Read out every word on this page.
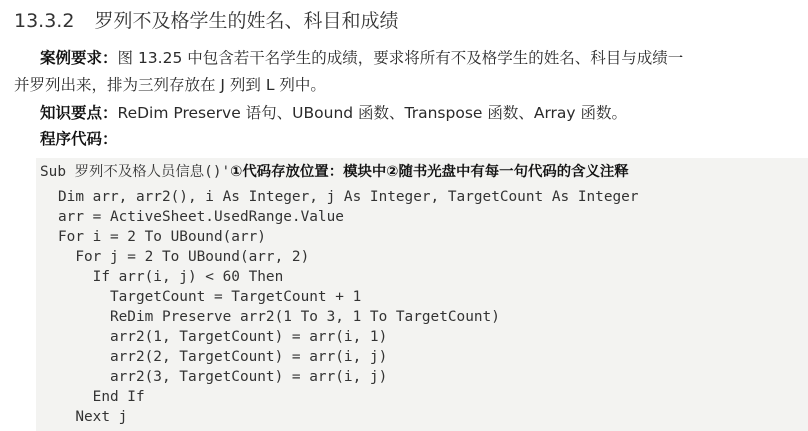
13.3.2 罗列不及格学生的姓名、科目和成绩
案例要求：图 13.25 中包含若干名学生的成绩，要求将所有不及格学生的姓名、科目与成绩一
并罗列出来，排为三列存放在 J 列到 L 列中。
知识要点：ReDim Preserve 语句、UBound 函数、Transpose 函数、Array 函数。
程序代码：
Sub 罗列不及格人员信息()'①代码存放位置：模块中②随书光盘中有每一句代码的含义注释
Dim arr, arr2(), i As Integer, j As Integer, TargetCount As Integer
arr = ActiveSheet.UsedRange.Value
For i = 2 To UBound(arr)
For j = 2 To UBound(arr, 2)
If arr(i, j) < 60 Then
TargetCount = TargetCount + 1
ReDim Preserve arr2(1 To 3, 1 To TargetCount)
arr2(1, TargetCount) = arr(i, 1)
arr2(2, TargetCount) = arr(i, j)
arr2(3, TargetCount) = arr(i, j)
End If
Next j
